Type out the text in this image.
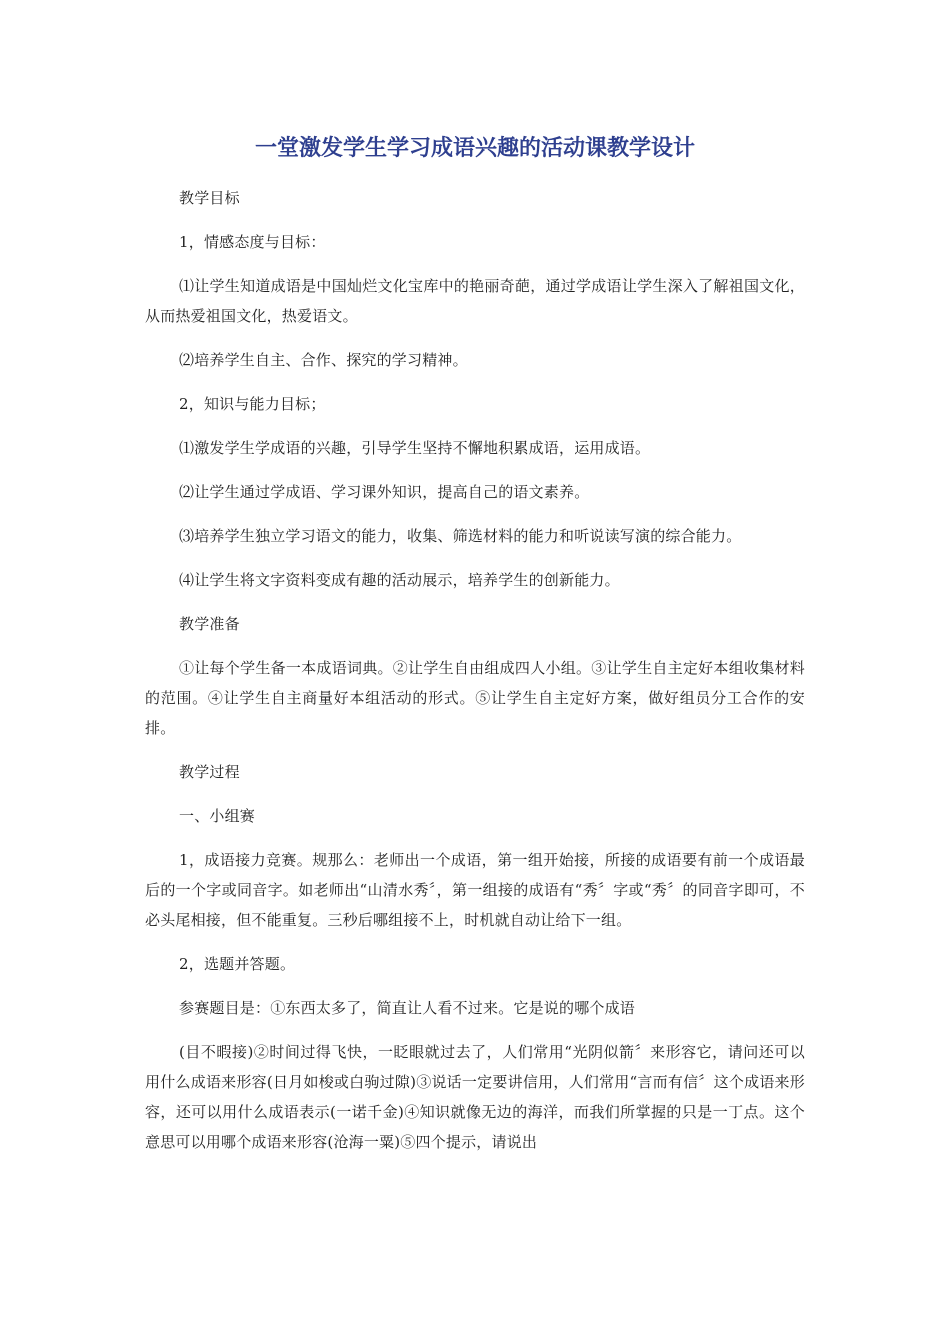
一堂激发学生学习成语兴趣的活动课教学设计

教学目标

1，情感态度与目标：

⑴让学生知道成语是中国灿烂文化宝库中的艳丽奇葩，通过学成语让学生深入了解祖国文化，从而热爱祖国文化，热爱语文。

⑵培养学生自主、合作、探究的学习精神。

2，知识与能力目标；

⑴激发学生学成语的兴趣，引导学生坚持不懈地积累成语，运用成语。

⑵让学生通过学成语、学习课外知识，提高自己的语文素养。

⑶培养学生独立学习语文的能力，收集、筛选材料的能力和听说读写演的综合能力。

⑷让学生将文字资料变成有趣的活动展示，培养学生的创新能力。

教学准备

①让每个学生备一本成语词典。②让学生自由组成四人小组。③让学生自主定好本组收集材料的范围。④让学生自主商量好本组活动的形式。⑤让学生自主定好方案，做好组员分工合作的安排。

教学过程

一、小组赛

1，成语接力竞赛。规那么：老师出一个成语，第一组开始接，所接的成语要有前一个成语最后的一个字或同音字。如老师出“山清水秀〞，第一组接的成语有“秀〞字或“秀〞的同音字即可，不必头尾相接，但不能重复。三秒后哪组接不上，时机就自动让给下一组。

2，选题并答题。

参赛题目是：①东西太多了，简直让人看不过来。它是说的哪个成语

(目不暇接)②时间过得飞快，一眨眼就过去了，人们常用“光阴似箭〞来形容它，请问还可以用什么成语来形容(日月如梭或白驹过隙)③说话一定要讲信用，人们常用“言而有信〞这个成语来形容，还可以用什么成语表示(一诺千金)④知识就像无边的海洋，而我们所掌握的只是一丁点。这个意思可以用哪个成语来形容(沧海一粟)⑤四个提示，请说出
